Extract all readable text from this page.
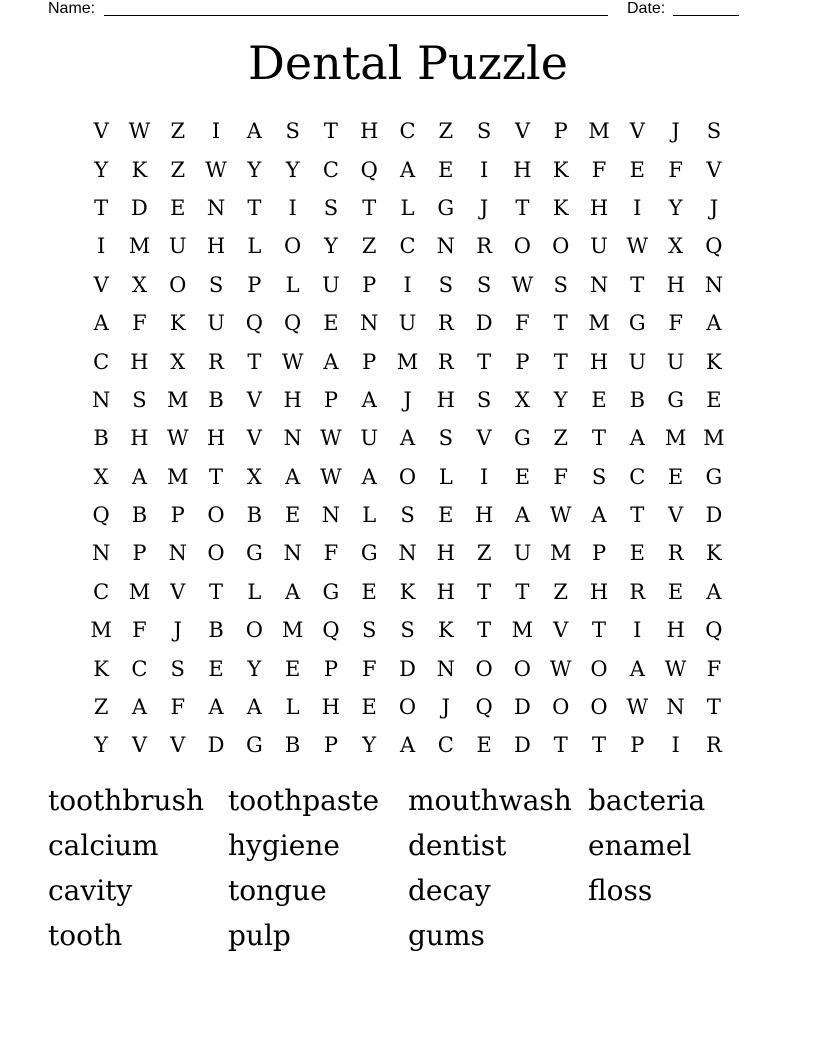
Name:	Date:
Dental Puzzle
V W Z	I	A	S	T	H	C	Z	S	V	P M V	J	S
Y	K	Z W Y	Y	C	Q	A	E	I	H	K	F	E	F	V
T	D	E	N	T	I	S	T	L	G	J	T	K	H	I	Y	J
I	M U H	L	O	Y	Z	C	N	R	O	O U W X	Q
V	X	O	S	P	L	U	P	I	S	S W S	N	T	H N
A	F	K	U Q	Q	E	N U	R	D	F	T M G	F	A
C	H	X	R	T W A	P M R	T	P	T	H U U	K
N	S M B	V	H	P	A	J	H	S	X	Y	E	B	G	E
B	H W H	V	N W U	A	S	V	G	Z	T	A M M
X	A M T	X	A W A	O	L	I	E	F	S	C	E	G
Q	B	P	O	B	E	N	L	S	E	H	A W A	T	V	D
N	P	N O	G N	F	G N H	Z	U M P	E	R	K
C M V	T	L	A	G	E	K	H	T	T	Z	H	R	E	A
M F	J	B	O M Q	S	S	K	T M V	T	I	H Q
K	C	S	E	Y	E	P	F	D N O	O W O	A W F
Z	A	F	A	A	L	H	E	O	J	Q	D	O	O W N	T
Y	V	V	D	G	B	P	Y	A	C	E	D	T	T	P	I	R
toothbrush toothpaste	mouthwash bacteria
calcium	hygiene	dentist	enamel
cavity	tongue	decay	floss
tooth	pulp	gums
